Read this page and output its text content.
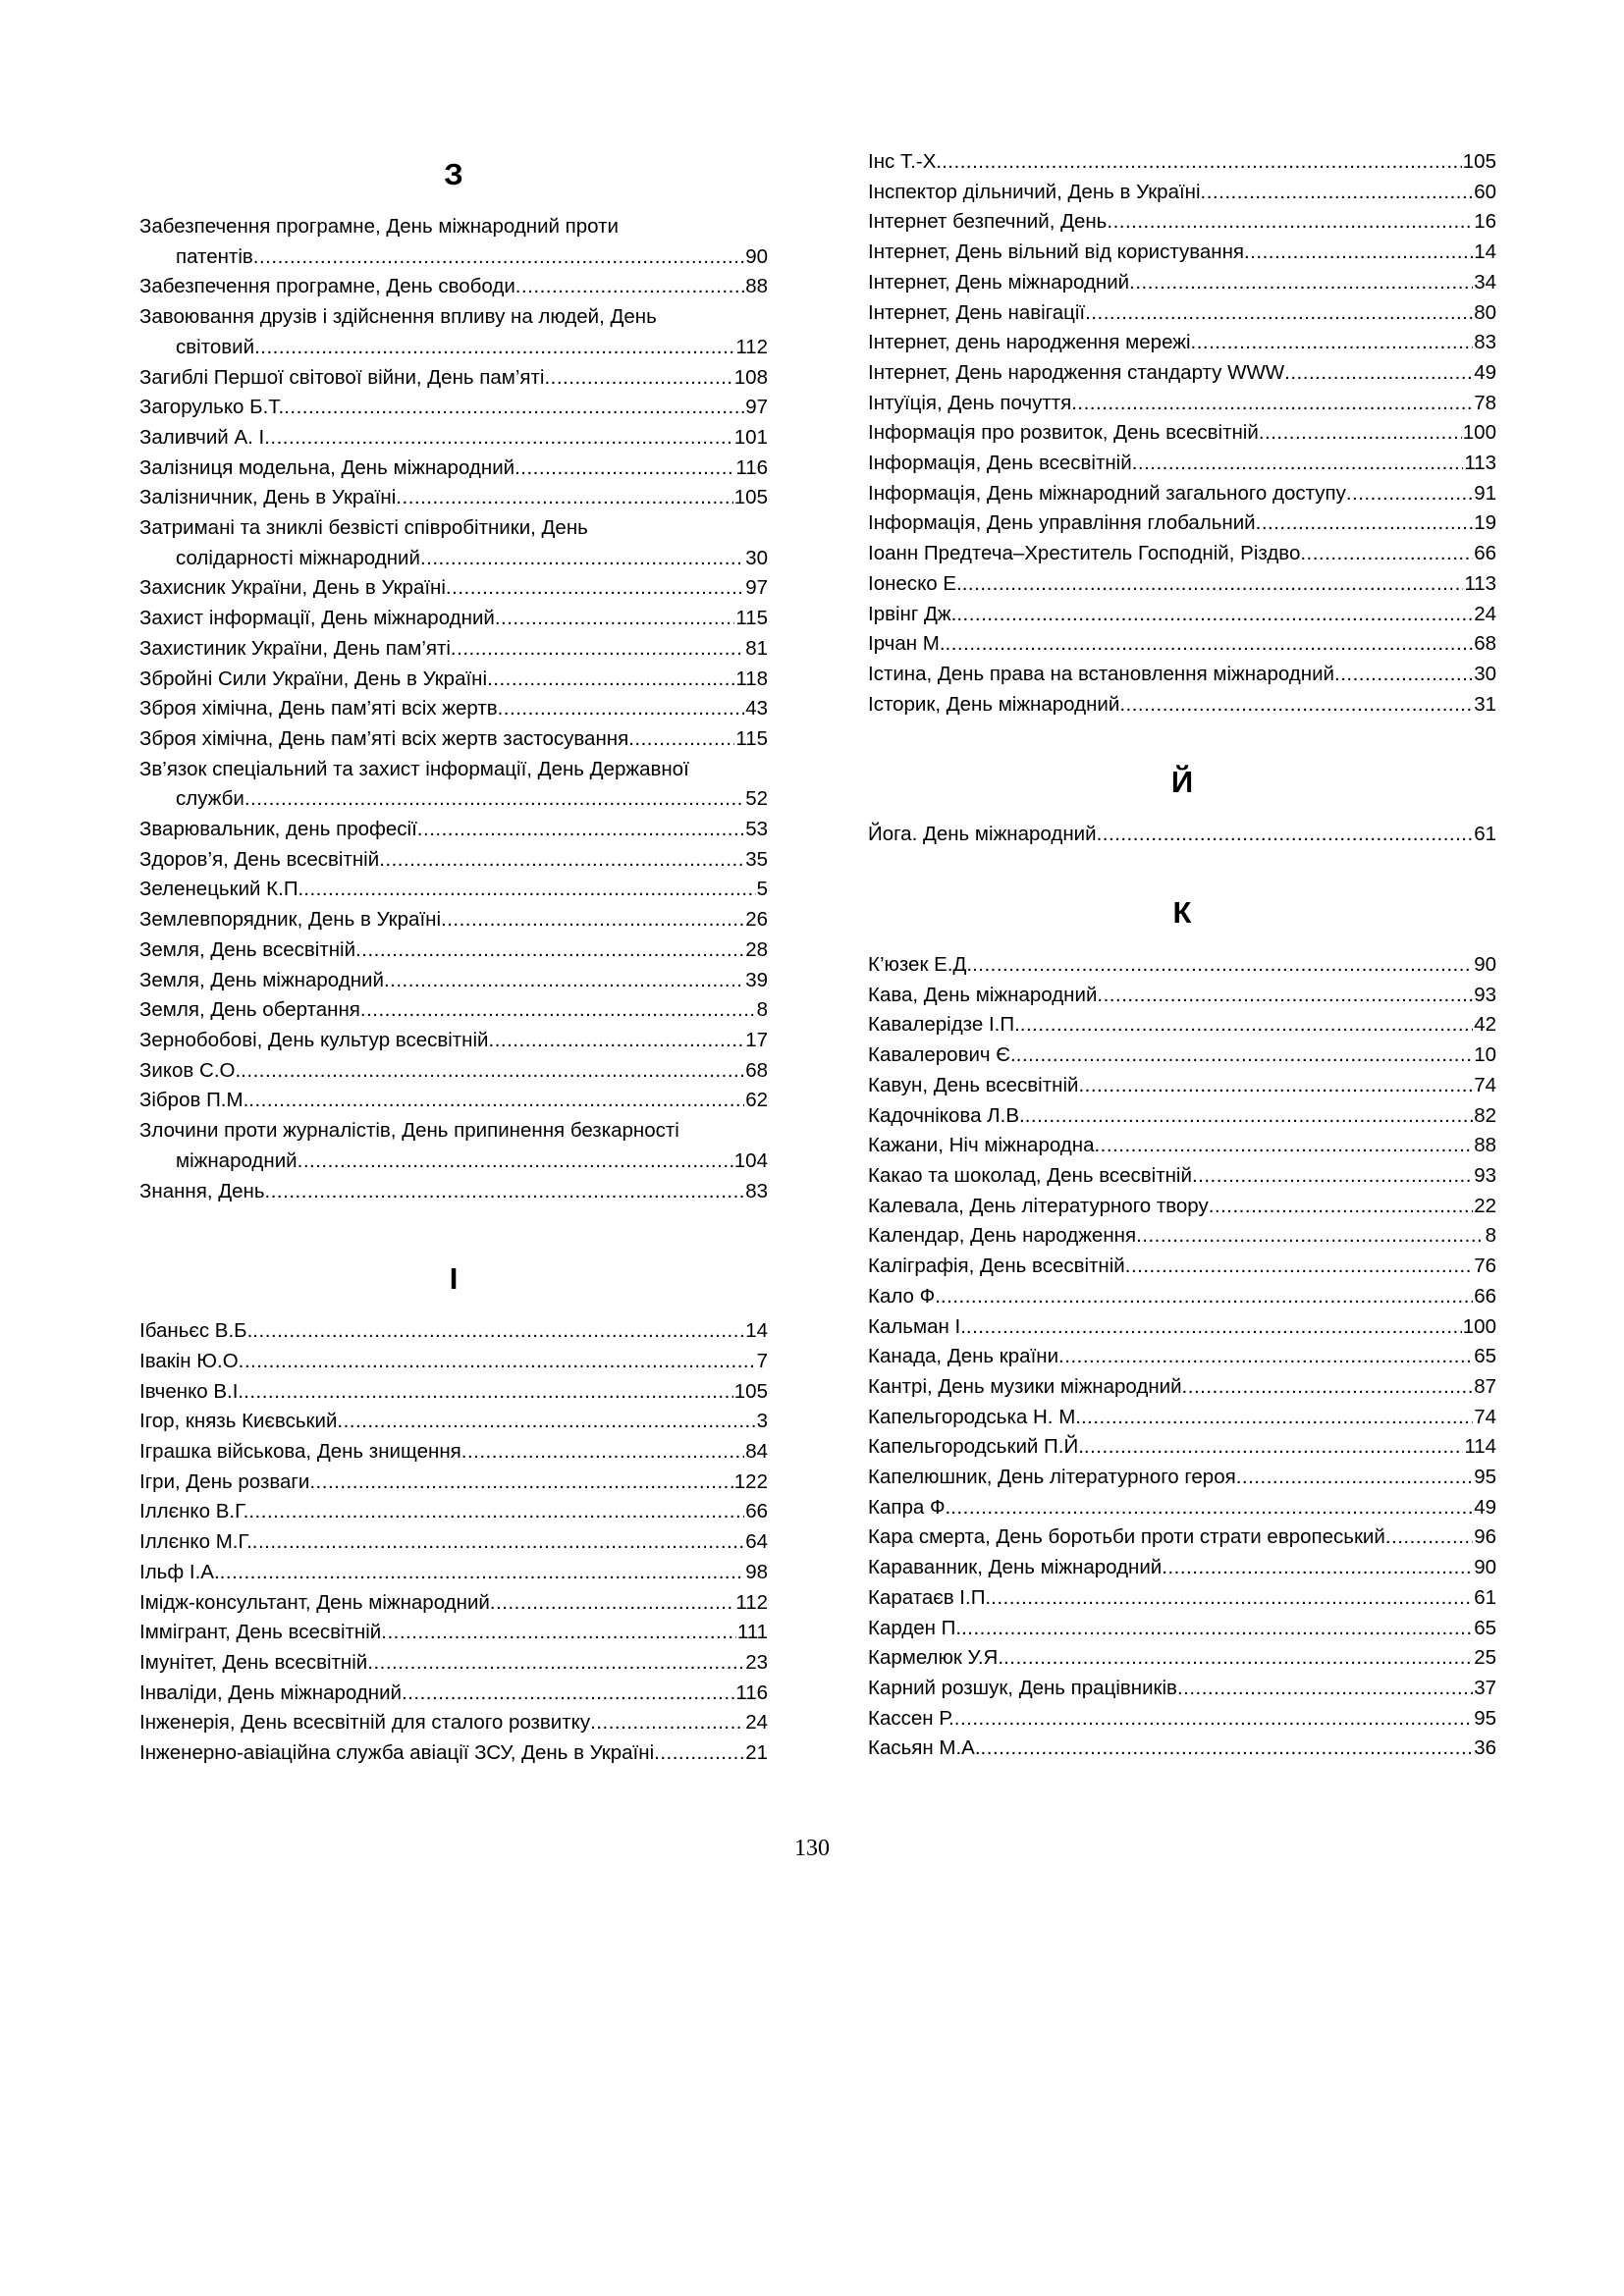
З
Забезпечення програмне, День міжнародний проти
патентів .....	90
Забезпечення програмне, День свободи .....	88
Завоювання друзів і здійснення впливу на людей, День
світовий .....	112
Загиблі Першої світової війни, День пам’яті .....	108
Загорулько Б.Т. .....	97
Заливчий А. І .....	101
Залізниця модельна, День міжнародний .....	116
Залізничник, День в Україні .....	105
Затримані та зниклі безвісті співробітники, День
солідарності міжнародний .....	30
Захисник України, День в Україні .....	97
Захист інформації, День міжнародний .....	115
Захистиник України, День пам’яті .....	81
Збройні Сили України, День в Україні .....	118
Зброя хімічна, День пам’яті всіх жертв .....	43
Зброя хімічна, День пам’яті всіх жертв застосування .....	115
Зв’язок спеціальний та захист інформації, День Державної
служби .....	52
Зварювальник, день професії .....	53
Здоров’я, День всесвітній .....	35
Зеленецький К.П. .....	5
Землевпорядник, День в Україні .....	26
Земля, День всесвітній .....	28
Земля, День міжнародний .....	39
Земля, День обертання .....	8
Зернобобові, День культур всесвітній .....	17
Зиков С.О. .....	68
Зібров П.М. .....	62
Злочини проти журналістів, День припинення безкарності
міжнародний .....	104
Знання, День .....	83
І
Ібаньєс В.Б. .....	14
Івакін Ю.О .....	7
Івченко В.І. .....	105
Ігор, князь Києвський .....	3
Іграшка військова, День знищення .....	84
Ігри, День розваги .....	122
Іллєнко В.Г. .....	66
Іллєнко М.Г. .....	64
Ільф І.А. .....	98
Імідж-консультант, День міжнародний .....	112
Іммігрант, День всесвітній .....	111
Імунітет, День всесвітній .....	23
Інваліди, День міжнародний .....	116
Інженерія, День всесвітній для сталого розвитку .....	24
Інженерно-авіаційна служба авіації ЗСУ, День в Україні .....	21
Інс Т.-Х. .....	105
Інспектор дільничий, День в Україні .....	60
Інтернет безпечний, День .....	16
Інтернет, День вільний від користування .....	14
Інтернет, День міжнародний .....	34
Інтернет, День навігації .....	80
Інтернет, день народження мережі .....	83
Інтернет, День народження стандарту WWW .....	49
Інтуїція, День почуття .....	78
Інформація про розвиток, День всесвітній .....	100
Інформація, День всесвітній .....	113
Інформація, День міжнародний загального доступу .....	91
Інформація, День управління глобальний .....	19
Іоанн Предтеча–Хреститель Господній, Різдво .....	66
Іонеско Е. .....	113
Ірвінг Дж. .....	24
Ірчан М. .....	68
Істина, День права на встановлення міжнародний .....	30
Історик, День міжнародний .....	31
Й
Йога. День міжнародний .....	61
К
К’юзек Е.Д. .....	90
Кава, День міжнародний .....	93
Кавалерідзе І.П. .....	42
Кавалерович Є. .....	10
Кавун, День всесвітній .....	74
Кадочнікова Л.В. .....	82
Кажани, Ніч міжнародна .....	88
Какао та шоколад, День всесвітній .....	93
Калевала, День літературного твору .....	22
Календар, День народження .....	8
Каліграфія, День всесвітній .....	76
Кало Ф. .....	66
Кальман І. .....	100
Канада, День країни .....	65
Кантрі, День музики міжнародний .....	87
Капельгородська Н. М. .....	74
Капельгородський П.Й. .....	114
Капелюшник, День літературного героя .....	95
Капра Ф. .....	49
Кара смерта, День боротьби проти страти европеський .....	96
Караванник, День міжнародний .....	90
Каратаєв І.П. .....	61
Карден П. .....	65
Кармелюк У.Я. .....	25
Карний розшук, День працівників .....	37
Кассен Р. .....	95
Касьян М.А. .....	36
130
